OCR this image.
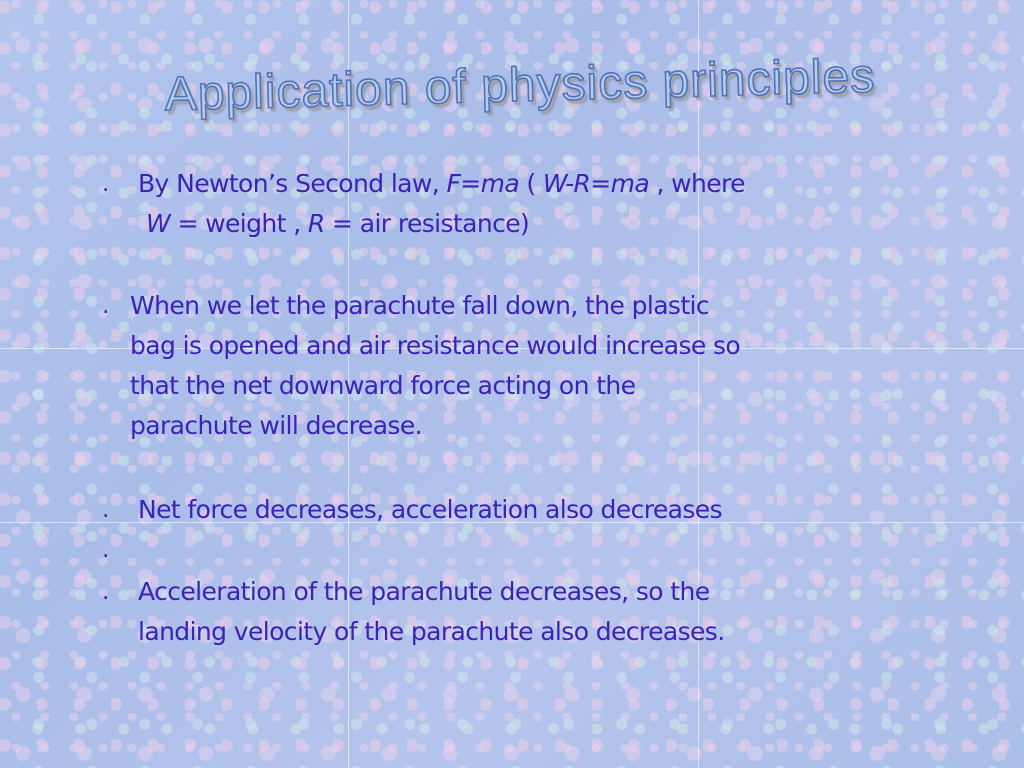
Application of physics principles
. By Newton’s Second law, F=ma ( W-R=ma , where
W = weight , R = air resistance)
. When we let the parachute fall down, the plastic
bag is opened and air resistance would increase so
that the net downward force acting on the
parachute will decrease.
. Net force decreases, acceleration also decreases
.
. Acceleration of the parachute decreases, so the
landing velocity of the parachute also decreases.
